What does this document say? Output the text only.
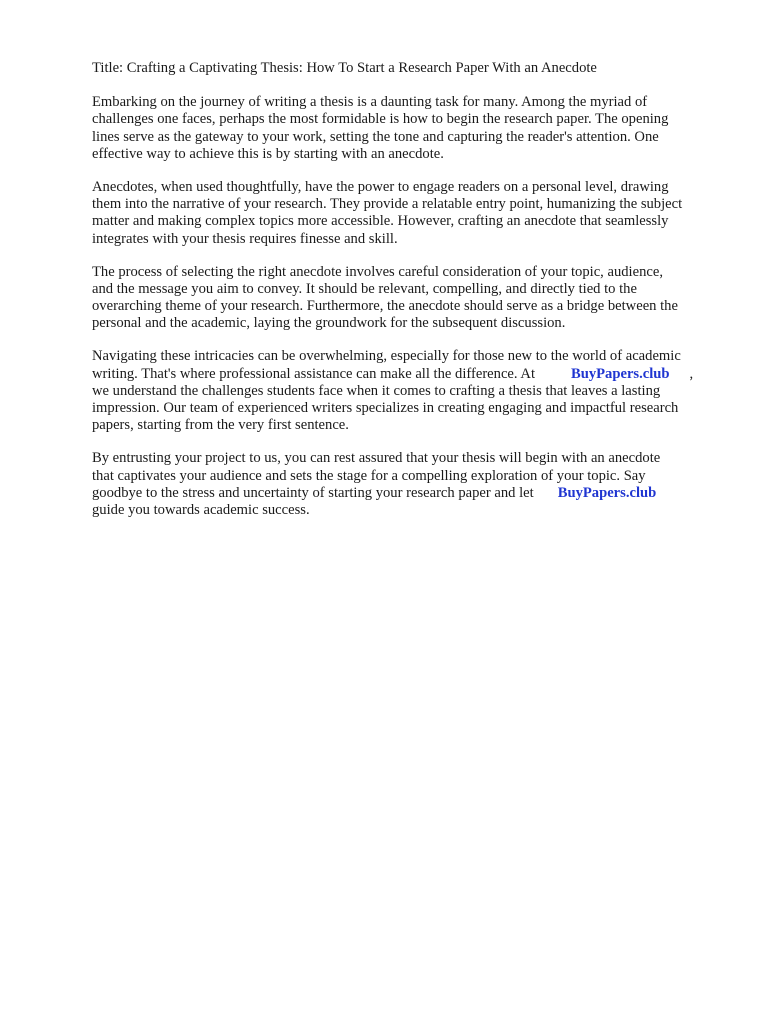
Title: Crafting a Captivating Thesis: How To Start a Research Paper With an Anecdote
Embarking on the journey of writing a thesis is a daunting task for many. Among the myriad of
challenges one faces, perhaps the most formidable is how to begin the research paper. The opening
lines serve as the gateway to your work, setting the tone and capturing the reader's attention. One
effective way to achieve this is by starting with an anecdote.
Anecdotes, when used thoughtfully, have the power to engage readers on a personal level, drawing
them into the narrative of your research. They provide a relatable entry point, humanizing the subject
matter and making complex topics more accessible. However, crafting an anecdote that seamlessly
integrates with your thesis requires finesse and skill.
The process of selecting the right anecdote involves careful consideration of your topic, audience,
and the message you aim to convey. It should be relevant, compelling, and directly tied to the
overarching theme of your research. Furthermore, the anecdote should serve as a bridge between the
personal and the academic, laying the groundwork for the subsequent discussion.
Navigating these intricacies can be overwhelming, especially for those new to the world of academic
writing. That's where professional assistance can make all the difference. At BuyPapers.club ,
we understand the challenges students face when it comes to crafting a thesis that leaves a lasting
impression. Our team of experienced writers specializes in creating engaging and impactful research
papers, starting from the very first sentence.
By entrusting your project to us, you can rest assured that your thesis will begin with an anecdote
that captivates your audience and sets the stage for a compelling exploration of your topic. Say
goodbye to the stress and uncertainty of starting your research paper and let BuyPapers.club
guide you towards academic success.
